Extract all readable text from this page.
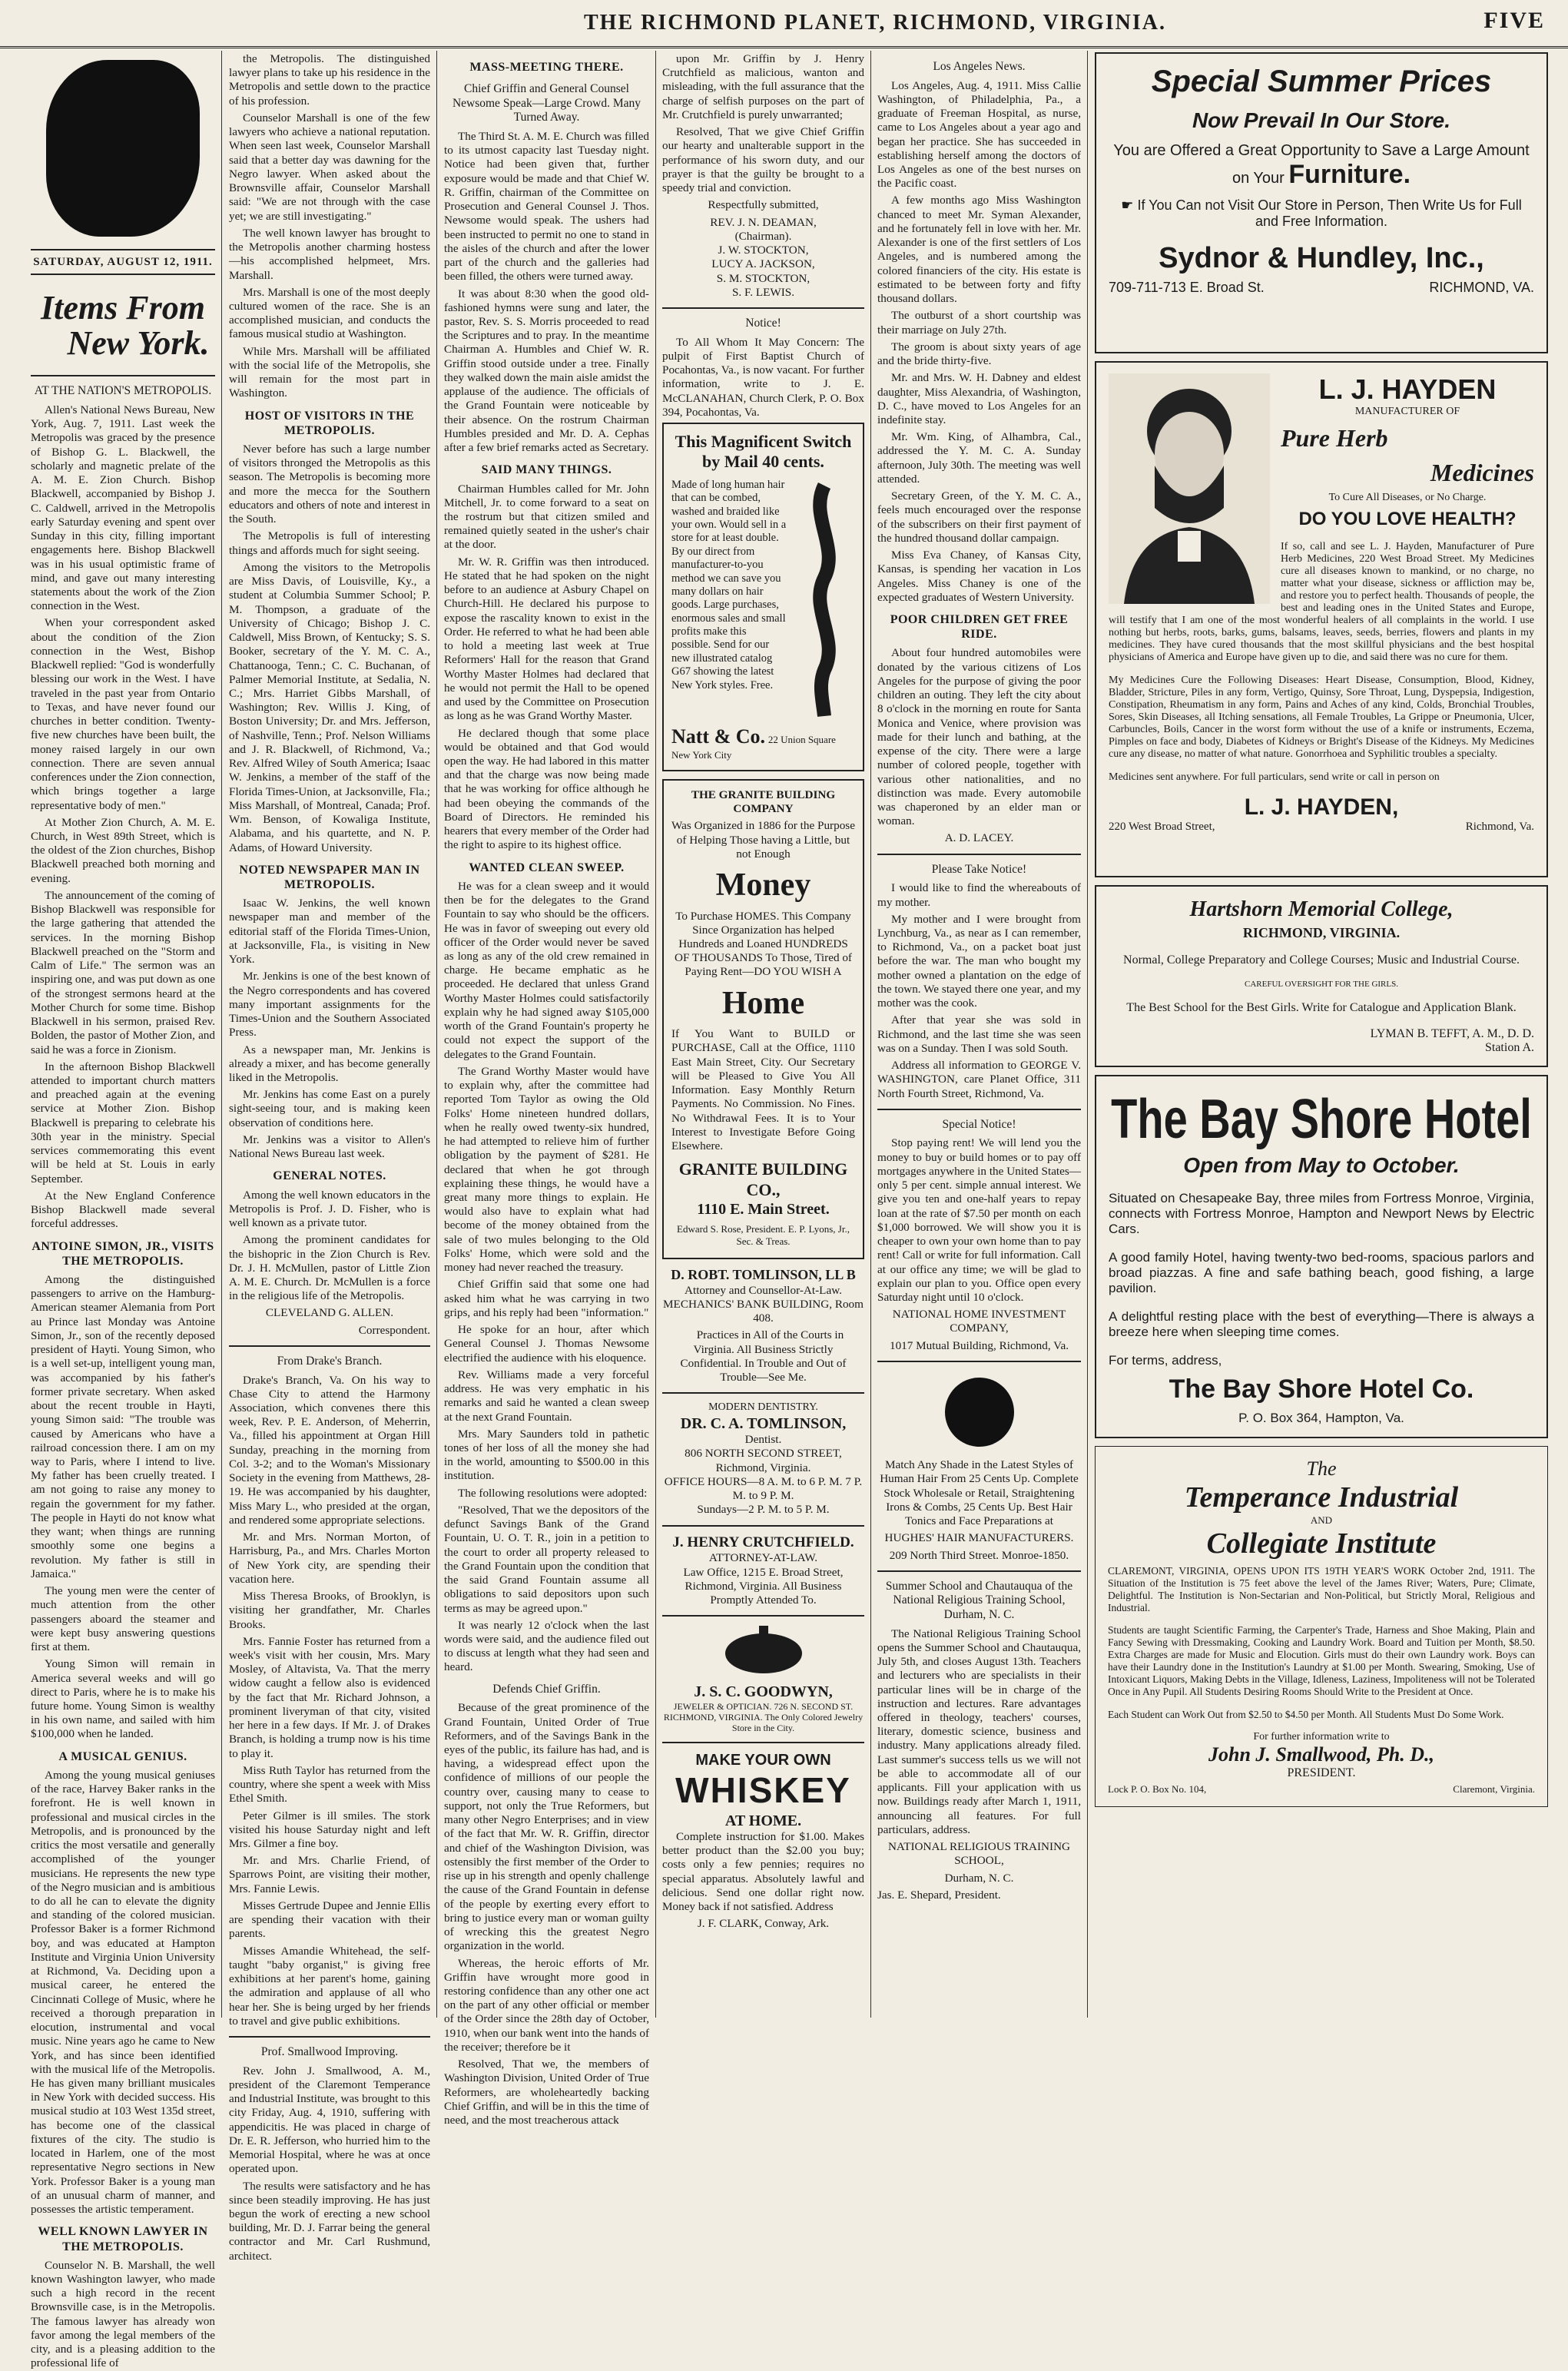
THE RICHMOND PLANET, RICHMOND, VIRGINIA.	FIVE
SATURDAY, AUGUST 12, 1911.
Items From
New York.
AT THE NATION'S METROPOLIS.

Allen's National News Bureau, New York, Aug. 7, 1911. Last week the Metropolis was graced by the presence of Bishop G. L. Blackwell, the scholarly and magnetic prelate of the A. M. E. Zion Church. Bishop Blackwell, accompanied by Bishop J. C. Caldwell, arrived in the Metropolis early Saturday evening and spent over Sunday in this city, filling important engagements here. Bishop Blackwell was in his usual optimistic frame of mind, and gave out many interesting statements about the work of the Zion connection in the West.

When your correspondent asked about the condition of the Zion connection in the West, Bishop Blackwell replied: "God is wonderfully blessing our work in the West. I have traveled in the past year from Ontario to Texas, and have never found our churches in better condition. Twenty-five new churches have been built, the money raised largely in our own connection. There are seven annual conferences under the Zion connection, which brings together a large representative body of men."

At Mother Zion Church, A. M. E. Church, in West 89th Street, which is the oldest of the Zion churches, Bishop Blackwell preached both morning and evening.

The announcement of the coming of Bishop Blackwell was responsible for the large gathering that attended the services. In the morning Bishop Blackwell preached on the "Storm and Calm of Life." The sermon was an inspiring one, and was put down as one of the strongest sermons heard at the Mother Church for some time. Bishop Blackwell in his sermon, praised Rev. Bolden, the pastor of Mother Zion, and said he was a force in Zionism.

In the afternoon Bishop Blackwell attended to important church matters and preached again at the evening service at Mother Zion. Bishop Blackwell is preparing to celebrate his 30th year in the ministry. Special services commemorating this event will be held at St. Louis in early September.

At the New England Conference Bishop Blackwell made several forceful addresses.

ANTOINE SIMON, JR., VISITS THE METROPOLIS.

Among the distinguished passengers to arrive on the Hamburg-American steamer Alemania from Port au Prince last Monday was Antoine Simon, Jr., son of the recently deposed president of Hayti. Young Simon, who is a well set-up, intelligent young man, was accompanied by his father's former private secretary. When asked about the recent trouble in Hayti, young Simon said: "The trouble was caused by Americans who have a railroad concession there. I am on my way to Paris, where I intend to live. My father has been cruelly treated. I am not going to raise any money to regain the government for my father. The people in Hayti do not know what they want; when things are running smoothly some one begins a revolution. My father is still in Jamaica."

The young men were the center of much attention from the other passengers aboard the steamer and were kept busy answering questions first at them.

Young Simon will remain in America several weeks and will go direct to Paris, where he is to make his future home. Young Simon is wealthy in his own name, and sailed with him $100,000 when he landed.

A MUSICAL GENIUS.

Among the young musical geniuses of the race, Harvey Baker ranks in the forefront. He is well known in professional and musical circles in the Metropolis, and is pronounced by the critics the most versatile and generally accomplished of the younger musicians. He represents the new type of the Negro musician and is ambitious to do all he can to elevate the dignity and standing of the colored musician. Professor Baker is a former Richmond boy, and was educated at Hampton Institute and Virginia Union University at Richmond, Va. Deciding upon a musical career, he entered the Cincinnati College of Music, where he received a thorough preparation in elocution, instrumental and vocal music. Nine years ago he came to New York, and has since been identified with the musical life of the Metropolis. He has given many brilliant musicales in New York with decided success. His musical studio at 103 West 135d street, has become one of the classical fixtures of the city. The studio is located in Harlem, one of the most representative Negro sections in New York. Professor Baker is a young man of an unusual charm of manner, and possesses the artistic temperament.

WELL KNOWN LAWYER IN THE METROPOLIS.

Counselor N. B. Marshall, the well known Washington lawyer, who made such a high record in the recent Brownsville case, is in the Metropolis. The famous lawyer has already won favor among the legal members of the city, and is a pleasing addition to the professional life of

the Metropolis. The distinguished lawyer plans to take up his residence in the Metropolis and settle down to the practice of his profession.

Counselor Marshall is one of the few lawyers who achieve a national reputation. When seen last week, Counselor Marshall said that a better day was dawning for the Negro lawyer. When asked about the Brownsville affair, Counselor Marshall said: "We are not through with the case yet; we are still investigating."

The well known lawyer has brought to the Metropolis another charming hostess—his accomplished helpmeet, Mrs. Marshall.

Mrs. Marshall is one of the most deeply cultured women of the race. She is an accomplished musician, and conducts the famous musical studio at Washington.

While Mrs. Marshall will be affiliated with the social life of the Metropolis, she will remain for the most part in Washington.

HOST OF VISITORS IN THE METROPOLIS.

Never before has such a large number of visitors thronged the Metropolis as this season. The Metropolis is becoming more and more the mecca for the Southern educators and others of note and interest in the South.

The Metropolis is full of interesting things and affords much for sight seeing.

Among the visitors to the Metropolis are Miss Davis, of Louisville, Ky., a student at Columbia Summer School; P. M. Thompson, a graduate of the University of Chicago; Bishop J. C. Caldwell, Miss Brown, of Kentucky; S. S. Booker, secretary of the Y. M. C. A., Chattanooga, Tenn.; C. C. Buchanan, of Palmer Memorial Institute, at Sedalia, N. C.; Mrs. Harriet Gibbs Marshall, of Washington; Rev. Willis J. King, of Boston University; Dr. and Mrs. Jefferson, of Nashville, Tenn.; Prof. Nelson Williams and J. R. Blackwell, of Richmond, Va.; Rev. Alfred Wiley of South America; Isaac W. Jenkins, a member of the staff of the Florida Times-Union, at Jacksonville, Fla.; Miss Marshall, of Montreal, Canada; Prof. Wm. Benson, of Kowaliga Institute, Alabama, and his quartette, and N. P. Adams, of Howard University.

NOTED NEWSPAPER MAN IN METROPOLIS.

Isaac W. Jenkins, the well known newspaper man and member of the editorial staff of the Florida Times-Union, at Jacksonville, Fla., is visiting in New York.

Mr. Jenkins is one of the best known of the Negro correspondents and has covered many important assignments for the Times-Union and the Southern Associated Press.

As a newspaper man, Mr. Jenkins is already a mixer, and has become generally liked in the Metropolis.

Mr. Jenkins has come East on a purely sight-seeing tour, and is making keen observation of conditions here.

Mr. Jenkins was a visitor to Allen's National News Bureau last week.

GENERAL NOTES.

Among the well known educators in the Metropolis is Prof. J. D. Fisher, who is well known as a private tutor.

Among the prominent candidates for the bishopric in the Zion Church is Rev. Dr. J. H. McMullen, pastor of Little Zion A. M. E. Church. Dr. McMullen is a force in the religious life of the Metropolis.

CLEVELAND G. ALLEN.

Correspondent.

From Drake's Branch.

Drake's Branch, Va. On his way to Chase City to attend the Harmony Association, which convenes there this week, Rev. P. E. Anderson, of Meherrin, Va., filled his appointment at Organ Hill Sunday, preaching in the morning from Col. 3-2; and to the Woman's Missionary Society in the evening from Matthews, 28-19. He was accompanied by his daughter, Miss Mary L., who presided at the organ, and rendered some appropriate selections.

Mr. and Mrs. Norman Morton, of Harrisburg, Pa., and Mrs. Charles Morton of New York city, are spending their vacation here.

Miss Theresa Brooks, of Brooklyn, is visiting her grandfather, Mr. Charles Brooks.

Mrs. Fannie Foster has returned from a week's visit with her cousin, Mrs. Mary Mosley, of Altavista, Va. That the merry widow caught a fellow also is evidenced by the fact that Mr. Richard Johnson, a prominent liveryman of that city, visited her here in a few days. If Mr. J. of Drakes Branch, is holding a trump now is his time to play it.

Miss Ruth Taylor has returned from the country, where she spent a week with Miss Ethel Smith.

Peter Gilmer is ill smiles. The stork visited his house Saturday night and left Mrs. Gilmer a fine boy.

Mr. and Mrs. Charlie Friend, of Sparrows Point, are visiting their mother, Mrs. Fannie Lewis.

Misses Gertrude Dupee and Jennie Ellis are spending their vacation with their parents.

Misses Amandie Whitehead, the self-taught "baby organist," is giving free exhibitions at her parent's home, gaining the admiration and applause of all who hear her. She is being urged by her friends to travel and give public exhibitions.

Prof. Smallwood Improving.

Rev. John J. Smallwood, A. M., president of the Claremont Temperance and Industrial Institute, was brought to this city Friday, Aug. 4, 1910, suffering with appendicitis. He was placed in charge of Dr. E. R. Jefferson, who hurried him to the Memorial Hospital, where he was at once operated upon.

The results were satisfactory and he has since been steadily improving. He has just begun the work of erecting a new school building, Mr. D. J. Farrar being the general contractor and Mr. Carl Rushmund, architect.

MASS-MEETING THERE.
Chief Griffin and General Counsel Newsome Speak—Large Crowd. Many Turned Away.

The Third St. A. M. E. Church was filled to its utmost capacity last Tuesday night. Notice had been given that, further exposure would be made and that Chief W. R. Griffin, chairman of the Committee on Prosecution and General Counsel J. Thos. Newsome would speak. The ushers had been instructed to permit no one to stand in the aisles of the church and after the lower part of the church and the galleries had been filled, the others were turned away.

It was about 8:30 when the good old-fashioned hymns were sung and later, the pastor, Rev. S. S. Morris proceeded to read the Scriptures and to pray. In the meantime Chairman A. Humbles and Chief W. R. Griffin stood outside under a tree. Finally they walked down the main aisle amidst the applause of the audience. The officials of the Grand Fountain were noticeable by their absence. On the rostrum Chairman Humbles presided and Mr. D. A. Cephas after a few brief remarks acted as Secretary.

SAID MANY THINGS.

Chairman Humbles called for Mr. John Mitchell, Jr. to come forward to a seat on the rostrum but that citizen smiled and remained quietly seated in the usher's chair at the door.

Mr. W. R. Griffin was then introduced. He stated that he had spoken on the night before to an audience at Asbury Chapel on Church-Hill. He declared his purpose to expose the rascality known to exist in the Order. He referred to what he had been able to hold a meeting last week at True Reformers' Hall for the reason that Grand Worthy Master Holmes had declared that he would not permit the Hall to be opened and used by the Committee on Prosecution as long as he was Grand Worthy Master.

He declared though that some place would be obtained and that God would open the way. He had labored in this matter and that the charge was now being made that he was working for office although he had been obeying the commands of the Board of Directors. He reminded his hearers that every member of the Order had the right to aspire to its highest office.

WANTED CLEAN SWEEP.

He was for a clean sweep and it would then be for the delegates to the Grand Fountain to say who should be the officers. He was in favor of sweeping out every old officer of the Order would never be saved as long as any of the old crew remained in charge. He became emphatic as he proceeded. He declared that unless Grand Worthy Master Holmes could satisfactorily explain why he had signed away $105,000 worth of the Grand Fountain's property he could not expect the support of the delegates to the Grand Fountain.

The Grand Worthy Master would have to explain why, after the committee had reported Tom Taylor as owing the Old Folks' Home nineteen hundred dollars, when he really owed twenty-six hundred, he had attempted to relieve him of further obligation by the payment of $281. He declared that when he got through explaining these things, he would have a great many more things to explain. He would also have to explain what had become of the money obtained from the sale of two mules belonging to the Old Folks' Home, which were sold and the money had never reached the treasury.

Chief Griffin said that some one had asked him what he was carrying in two grips, and his reply had been "information."

He spoke for an hour, after which General Counsel J. Thomas Newsome electrified the audience with his eloquence.

Rev. Williams made a very forceful address. He was very emphatic in his remarks and said he wanted a clean sweep at the next Grand Fountain.

Mrs. Mary Saunders told in pathetic tones of her loss of all the money she had in the world, amounting to $500.00 in this institution.

The following resolutions were adopted:

"Resolved, That we the depositors of the defunct Savings Bank of the Grand Fountain, U. O. T. R., join in a petition to the court to order all property released to the Grand Fountain upon the condition that the said Grand Fountain assume all obligations to said depositors upon such terms as may be agreed upon."

It was nearly 12 o'clock when the last words were said, and the audience filed out to discuss at length what they had seen and heard.

Defends Chief Griffin.

Because of the great prominence of the Grand Fountain, United Order of True Reformers, and of the Savings Bank in the eyes of the public, its failure has had, and is having, a widespread effect upon the confidence of millions of our people the country over, causing many to cease to support, not only the True Reformers, but many other Negro Enterprises; and in view of the fact that Mr. W. R. Griffin, director and chief of the Washington Division, was ostensibly the first member of the Order to rise up in his strength and openly challenge the cause of the Grand Fountain in defense of the people by exerting every effort to bring to justice every man or woman guilty of wrecking this the greatest Negro organization in the world.

Whereas, the heroic efforts of Mr. Griffin have wrought more good in restoring confidence than any other one act on the part of any other official or member of the Order since the 28th day of October, 1910, when our bank went into the hands of the receiver; therefore be it

Resolved, That we, the members of Washington Division, United Order of True Reformers, are wholeheartedly backing Chief Griffin, and will be in this the time of need, and the most treacherous attack

upon Mr. Griffin by J. Henry Crutchfield as malicious, wanton and misleading, with the full assurance that the charge of selfish purposes on the part of Mr. Crutchfield is purely unwarranted;

Resolved, That we give Chief Griffin our hearty and unalterable support in the performance of his sworn duty, and our prayer is that the guilty be brought to a speedy trial and conviction.

Respectfully submitted,

REV. J. N. DEAMAN,
(Chairman).
J. W. STOCKTON,
LUCY A. JACKSON,
S. M. STOCKTON,
S. F. LEWIS.
Notice!

To All Whom It May Concern: The pulpit of First Baptist Church of Pocahontas, Va., is now vacant. For further information, write to J. E. McCLANAHAN, Church Clerk, P. O. Box 394, Pocahontas, Va.

This Magnificent Switch
by Mail 40 cents.
Made of long human hair that can be combed, washed and braided like your own. Would sell in a store for at least double. By our direct from manufacturer-to-you method we can save you many dollars on hair goods. Large purchases, enormous sales and small profits make this possible. Send for our new illustrated catalog G67 showing the latest New York styles. Free.
Natt & Co. 22 Union Square New York City

THE GRANITE BUILDING COMPANY

Was Organized in 1886 for the Purpose of Helping Those having a Little, but not Enough

Money

To Purchase HOMES. This Company Since Organization has helped Hundreds and Loaned HUNDREDS OF THOUSANDS To Those, Tired of Paying Rent—DO YOU WISH A

Home

If You Want to BUILD or PURCHASE, Call at the Office, 1110 East Main Street, City. Our Secretary will be Pleased to Give You All Information. Easy Monthly Return Payments. No Commission. No Fines. No Withdrawal Fees. It is to Your Interest to Investigate Before Going Elsewhere.

GRANITE BUILDING CO.,
1110 E. Main Street.

Edward S. Rose, President. E. P. Lyons, Jr., Sec. & Treas.

D. ROBT. TOMLINSON, LL B

Attorney and Counsellor-At-Law. MECHANICS' BANK BUILDING, Room 408.

Practices in All of the Courts in Virginia. All Business Strictly Confidential. In Trouble and Out of Trouble—See Me.

MODERN DENTISTRY.
DR. C. A. TOMLINSON,
Dentist.
806 NORTH SECOND STREET, Richmond, Virginia.
OFFICE HOURS—8 A. M. to 6 P. M. 7 P. M. to 9 P. M.
Sundays—2 P. M. to 5 P. M.
J. HENRY CRUTCHFIELD.
ATTORNEY-AT-LAW.
Law Office, 1215 E. Broad Street, Richmond, Virginia. All Business Promptly Attended To.
J. S. C. GOODWYN,
JEWELER & OPTICIAN. 726 N. SECOND ST. RICHMOND, VIRGINIA. The Only Colored Jewelry Store in the City.
MAKE YOUR OWN
WHISKEY
AT HOME.

Complete instruction for $1.00. Makes better product than the $2.00 you buy; costs only a few pennies; requires no special apparatus. Absolutely lawful and delicious. Send one dollar right now. Money back if not satisfied. Address

J. F. CLARK, Conway, Ark.

Los Angeles News.

Los Angeles, Aug. 4, 1911. Miss Callie Washington, of Philadelphia, Pa., a graduate of Freeman Hospital, as nurse, came to Los Angeles about a year ago and began her practice. She has succeeded in establishing herself among the doctors of Los Angeles as one of the best nurses on the Pacific coast.

A few months ago Miss Washington chanced to meet Mr. Syman Alexander, and he fortunately fell in love with her. Mr. Alexander is one of the first settlers of Los Angeles, and is numbered among the colored financiers of the city. His estate is estimated to be between forty and fifty thousand dollars.

The outburst of a short courtship was their marriage on July 27th.

The groom is about sixty years of age and the bride thirty-five.

Mr. and Mrs. W. H. Dabney and eldest daughter, Miss Alexandria, of Washington, D. C., have moved to Los Angeles for an indefinite stay.

Mr. Wm. King, of Alhambra, Cal., addressed the Y. M. C. A. Sunday afternoon, July 30th. The meeting was well attended.

Secretary Green, of the Y. M. C. A., feels much encouraged over the response of the subscribers on their first payment of the hundred thousand dollar campaign.

Miss Eva Chaney, of Kansas City, Kansas, is spending her vacation in Los Angeles. Miss Chaney is one of the expected graduates of Western University.

POOR CHILDREN GET FREE RIDE.

About four hundred automobiles were donated by the various citizens of Los Angeles for the purpose of giving the poor children an outing. They left the city about 8 o'clock in the morning en route for Santa Monica and Venice, where provision was made for their lunch and bathing, at the expense of the city. There were a large number of colored people, together with various other nationalities, and no distinction was made. Every automobile was chaperoned by an elder man or woman.

A. D. LACEY.

Please Take Notice!

I would like to find the whereabouts of my mother.

My mother and I were brought from Lynchburg, Va., as near as I can remember, to Richmond, Va., on a packet boat just before the war. The man who bought my mother owned a plantation on the edge of the town. We stayed there one year, and my mother was the cook.

After that year she was sold in Richmond, and the last time she was seen was on a Sunday. Then I was sold South.

Address all information to GEORGE V. WASHINGTON, care Planet Office, 311 North Fourth Street, Richmond, Va.

Special Notice!

Stop paying rent! We will lend you the money to buy or build homes or to pay off mortgages anywhere in the United States—only 5 per cent. simple annual interest. We give you ten and one-half years to repay loan at the rate of $7.50 per month on each $1,000 borrowed. We will show you it is cheaper to own your own home than to pay rent! Call or write for full information. Call at our office any time; we will be glad to explain our plan to you. Office open every Saturday night until 10 o'clock.

NATIONAL HOME INVESTMENT COMPANY,

1017 Mutual Building, Richmond, Va.

Match Any Shade in the Latest Styles of Human Hair From 25 Cents Up. Complete Stock Wholesale or Retail, Straightening Irons & Combs, 25 Cents Up. Best Hair Tonics and Face Preparations at

HUGHES' HAIR MANUFACTURERS.

209 North Third Street. Monroe-1850.

Summer School and Chautauqua of the National Religious Training School, Durham, N. C.

The National Religious Training School opens the Summer School and Chautauqua, July 5th, and closes August 13th. Teachers and lecturers who are specialists in their particular lines will be in charge of the instruction and lectures. Rare advantages offered in theology, teachers' courses, literary, domestic science, business and industry. Many applications already filed. Last summer's success tells us we will not be able to accommodate all of our applicants. Fill your application with us now. Buildings ready after March 1, 1911, announcing all features. For full particulars, address.

NATIONAL RELIGIOUS TRAINING SCHOOL,

Durham, N. C.

Jas. E. Shepard, President.

Special Summer Prices
Now Prevail In Our Store.
You are Offered a Great Opportunity to Save a Large Amount on Your Furniture.
☛ If You Can not Visit Our Store in Person, Then Write Us for Full and Free Information.
Sydnor & Hundley, Inc.,
709-711-713 E. Broad St.	RICHMOND, VA.
L. J. HAYDEN
MANUFACTURER OF
Pure Herb
Medicines
To Cure All Diseases, or No Charge.
DO YOU LOVE HEALTH?

If so, call and see L. J. Hayden, Manufacturer of Pure Herb Medicines, 220 West Broad Street. My Medicines cure all diseases known to mankind, or no charge, no matter what your disease, sickness or affliction may be, and restore you to perfect health. Thousands of people, the best and leading ones in the United States and Europe, will testify that I am one of the most wonderful healers of all complaints in the world. I use nothing but herbs, roots, barks, gums, balsams, leaves, seeds, berries, flowers and plants in my medicines. They have cured thousands that the most skillful physicians and the best hospital physicians of America and Europe have given up to die, and said there was no cure for them.

My Medicines Cure the Following Diseases: Heart Disease, Consumption, Blood, Kidney, Bladder, Stricture, Piles in any form, Vertigo, Quinsy, Sore Throat, Lung, Dyspepsia, Indigestion, Constipation, Rheumatism in any form, Pains and Aches of any kind, Colds, Bronchial Troubles, Sores, Skin Diseases, all Itching sensations, all Female Troubles, La Grippe or Pneumonia, Ulcer, Carbuncles, Boils, Cancer in the worst form without the use of a knife or instruments, Eczema, Pimples on face and body, Diabetes of Kidneys or Bright's Disease of the Kidneys. My Medicines cure any disease, no matter of what nature. Gonorrhoea and Syphilitic troubles a specialty.

Medicines sent anywhere. For full particulars, send write or call in person on

L. J. HAYDEN,
220 West Broad Street,	Richmond, Va.
Hartshorn Memorial College,
RICHMOND, VIRGINIA.

Normal, College Preparatory and College Courses; Music and Industrial Course.

CAREFUL OVERSIGHT FOR THE GIRLS.

The Best School for the Best Girls. Write for Catalogue and Application Blank.

LYMAN B. TEFFT, A. M., D. D.
Station A.
The Bay Shore Hotel
Open from May to October.

Situated on Chesapeake Bay, three miles from Fortress Monroe, Virginia, connects with Fortress Monroe, Hampton and Newport News by Electric Cars.

A good family Hotel, having twenty-two bed-rooms, spacious parlors and broad piazzas. A fine and safe bathing beach, good fishing, a large pavilion.

A delightful resting place with the best of everything—There is always a breeze here when sleeping time comes.

For terms, address,
The Bay Shore Hotel Co.
P. O. Box 364, Hampton, Va.
The
Temperance Industrial
AND
Collegiate Institute

CLAREMONT, VIRGINIA, OPENS UPON ITS 19TH YEAR'S WORK October 2nd, 1911. The Situation of the Institution is 75 feet above the level of the James River; Waters, Pure; Climate, Delightful. The Institution is Non-Sectarian and Non-Political, but Strictly Moral, Religious and Industrial.

Students are taught Scientific Farming, the Carpenter's Trade, Harness and Shoe Making, Plain and Fancy Sewing with Dressmaking, Cooking and Laundry Work. Board and Tuition per Month, $8.50. Extra Charges are made for Music and Elocution. Girls must do their own Laundry work. Boys can have their Laundry done in the Institution's Laundry at $1.00 per Month. Swearing, Smoking, Use of Intoxicant Liquors, Making Debts in the Village, Idleness, Laziness, Impoliteness will not be Tolerated Once in Any Pupil. All Students Desiring Rooms Should Write to the President at Once.

Each Student can Work Out from $2.50 to $4.50 per Month. All Students Must Do Some Work.

For further information write to
John J. Smallwood, Ph. D.,
PRESIDENT.
Lock P. O. Box No. 104,	Claremont, Virginia.
